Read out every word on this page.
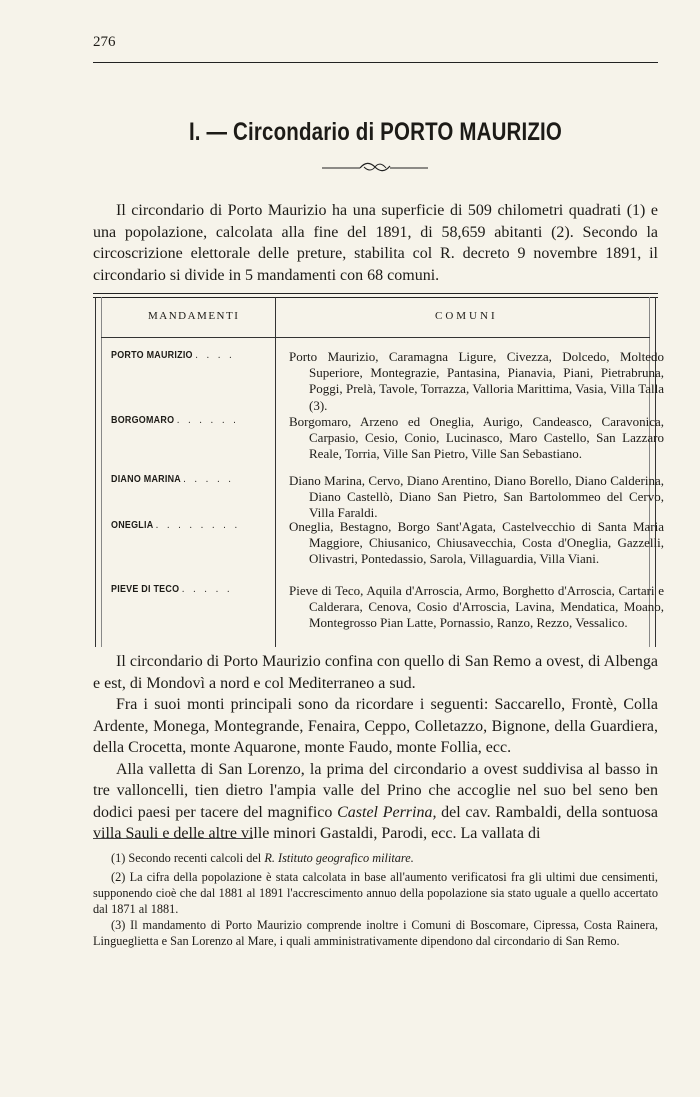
276
I. — Circondario di PORTO MAURIZIO

Il circondario di Porto Maurizio ha una superficie di 509 chilometri quadrati (1) e una popolazione, calcolata alla fine del 1891, di 58,659 abitanti (2). Secondo la circoscrizione elettorale delle preture, stabilita col R. decreto 9 novembre 1891, il circondario si divide in 5 mandamenti con 68 comuni.

MANDAMENTI	COMUNI
PORTO MAURIZIO . . . .	Porto Maurizio, Caramagna Ligure, Civezza, Dolcedo, Moltedo Superiore, Montegrazie, Pantasina, Pianavia, Piani, Pietrabruna, Poggi, Prelà, Tavole, Torrazza, Valloria Marittima, Vasia, Villa Talla (3).
BORGOMARO . . . . . .	Borgomaro, Arzeno ed Oneglia, Aurigo, Candeasco, Caravonica, Carpasio, Cesio, Conio, Lucinasco, Maro Castello, San Lazzaro Reale, Torria, Ville San Pietro, Ville San Sebastiano.
DIANO MARINA . . . . .	Diano Marina, Cervo, Diano Arentino, Diano Borello, Diano Calderina, Diano Castellò, Diano San Pietro, San Bartolommeo del Cervo, Villa Faraldi.
ONEGLIA . . . . . . . .	Oneglia, Bestagno, Borgo Sant'Agata, Castelvecchio di Santa Maria Maggiore, Chiusanico, Chiusavecchia, Costa d'Oneglia, Gazzelli, Olivastri, Pontedassio, Sarola, Villaguardia, Villa Viani.
PIEVE DI TECO . . . . .	Pieve di Teco, Aquila d'Arroscia, Armo, Borghetto d'Arroscia, Cartari e Calderara, Cenova, Cosio d'Arroscia, Lavina, Mendatica, Moano, Montegrosso Pian Latte, Pornassio, Ranzo, Rezzo, Vessalico.

Il circondario di Porto Maurizio confina con quello di San Remo a ovest, di Albenga e est, di Mondovì a nord e col Mediterraneo a sud.

Fra i suoi monti principali sono da ricordare i seguenti: Saccarello, Frontè, Colla Ardente, Monega, Montegrande, Fenaira, Ceppo, Colletazzo, Bignone, della Guardiera, della Crocetta, monte Aquarone, monte Faudo, monte Follia, ecc.

Alla valletta di San Lorenzo, la prima del circondario a ovest suddivisa al basso in tre valloncelli, tien dietro l'ampia valle del Prino che accoglie nel suo bel seno ben dodici paesi per tacere del magnifico Castel Perrina, del cav. Rambaldi, della sontuosa villa Sauli e delle altre ville minori Gastaldi, Parodi, ecc. La vallata di

(1) Secondo recenti calcoli del R. Istituto geografico militare.

(2) La cifra della popolazione è stata calcolata in base all'aumento verificatosi fra gli ultimi due censimenti, supponendo cioè che dal 1881 al 1891 l'accrescimento annuo della popolazione sia stato uguale a quello accertato dal 1871 al 1881.

(3) Il mandamento di Porto Maurizio comprende inoltre i Comuni di Boscomare, Cipressa, Costa Rainera, Lingueglietta e San Lorenzo al Mare, i quali amministrativamente dipendono dal circondario di San Remo.
